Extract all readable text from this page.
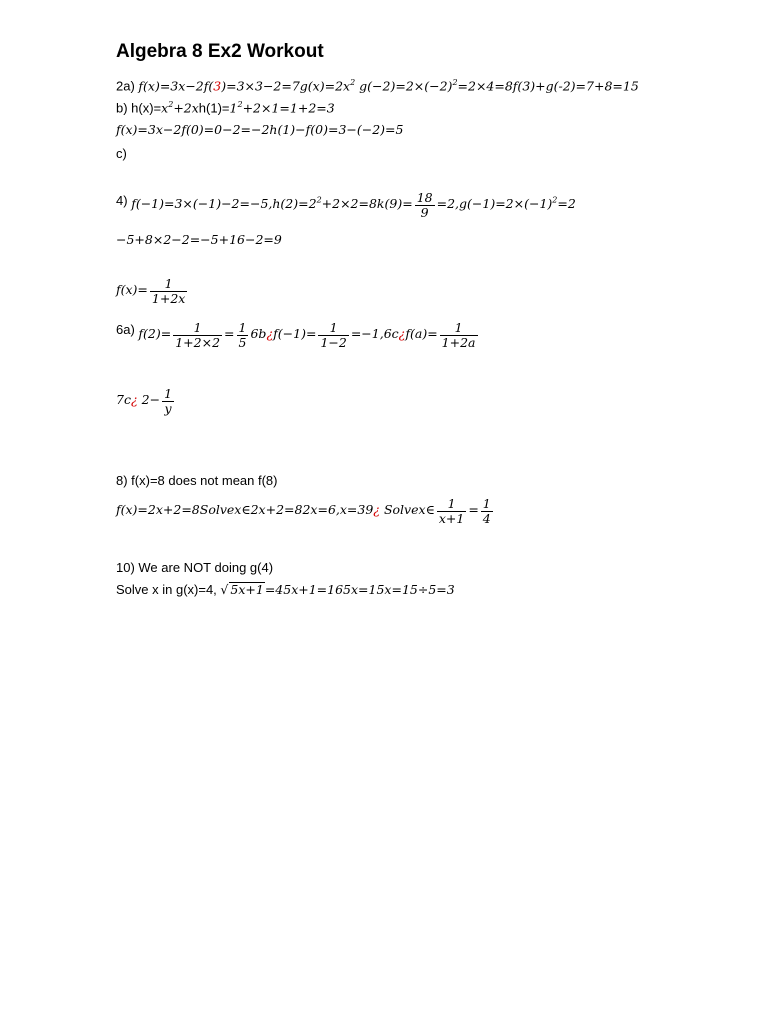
Algebra 8 Ex2 Workout
2a) $f(x)=3x-2f(3)=3\times 3-2=7g(x)=2x^2$ $g(-2)=2\times(-2)^2=2\times 4=8f(3)+g(-2)=7+8=15$
b) $h(x)=x^2+2xh(1)=1^2+2\times 1=1+2=3$
f(x)=3x−2f(0)=0−2=−2h(1)−f(0)=3−(−2)=5
c)
4) $f(-1)=3\times(-1)-2=-5,h(2)=2^2+2\times 2=8k(9)= \frac{18}{9} =2,g(-1)=2\times(-1)^2=2$
−5+8×2−2=−5+16−2=9
$f(x)= \frac{1}{1+2x}$
6a) $f(2)= \frac{1}{1+2\times 2} = \frac{1}{5}$ 6b¿f(−1)= $\frac{1}{1-2}$ =−1,6c¿f(a)= $\frac{1}{1+2a}$
7c¿ $2- \frac{1}{y}$
8) f(x)=8 does not mean f(8)
f(x)=2x+2=8Solvex∈2x+2=82x=6,x=39¿ Solvex∈ $\frac{1}{x+1} = \frac{1}{4}$
10) We are NOT doing g(4)
Solve x in g(x)=4, √ 5x+1=45x+1=165x=15x=15÷5=3
